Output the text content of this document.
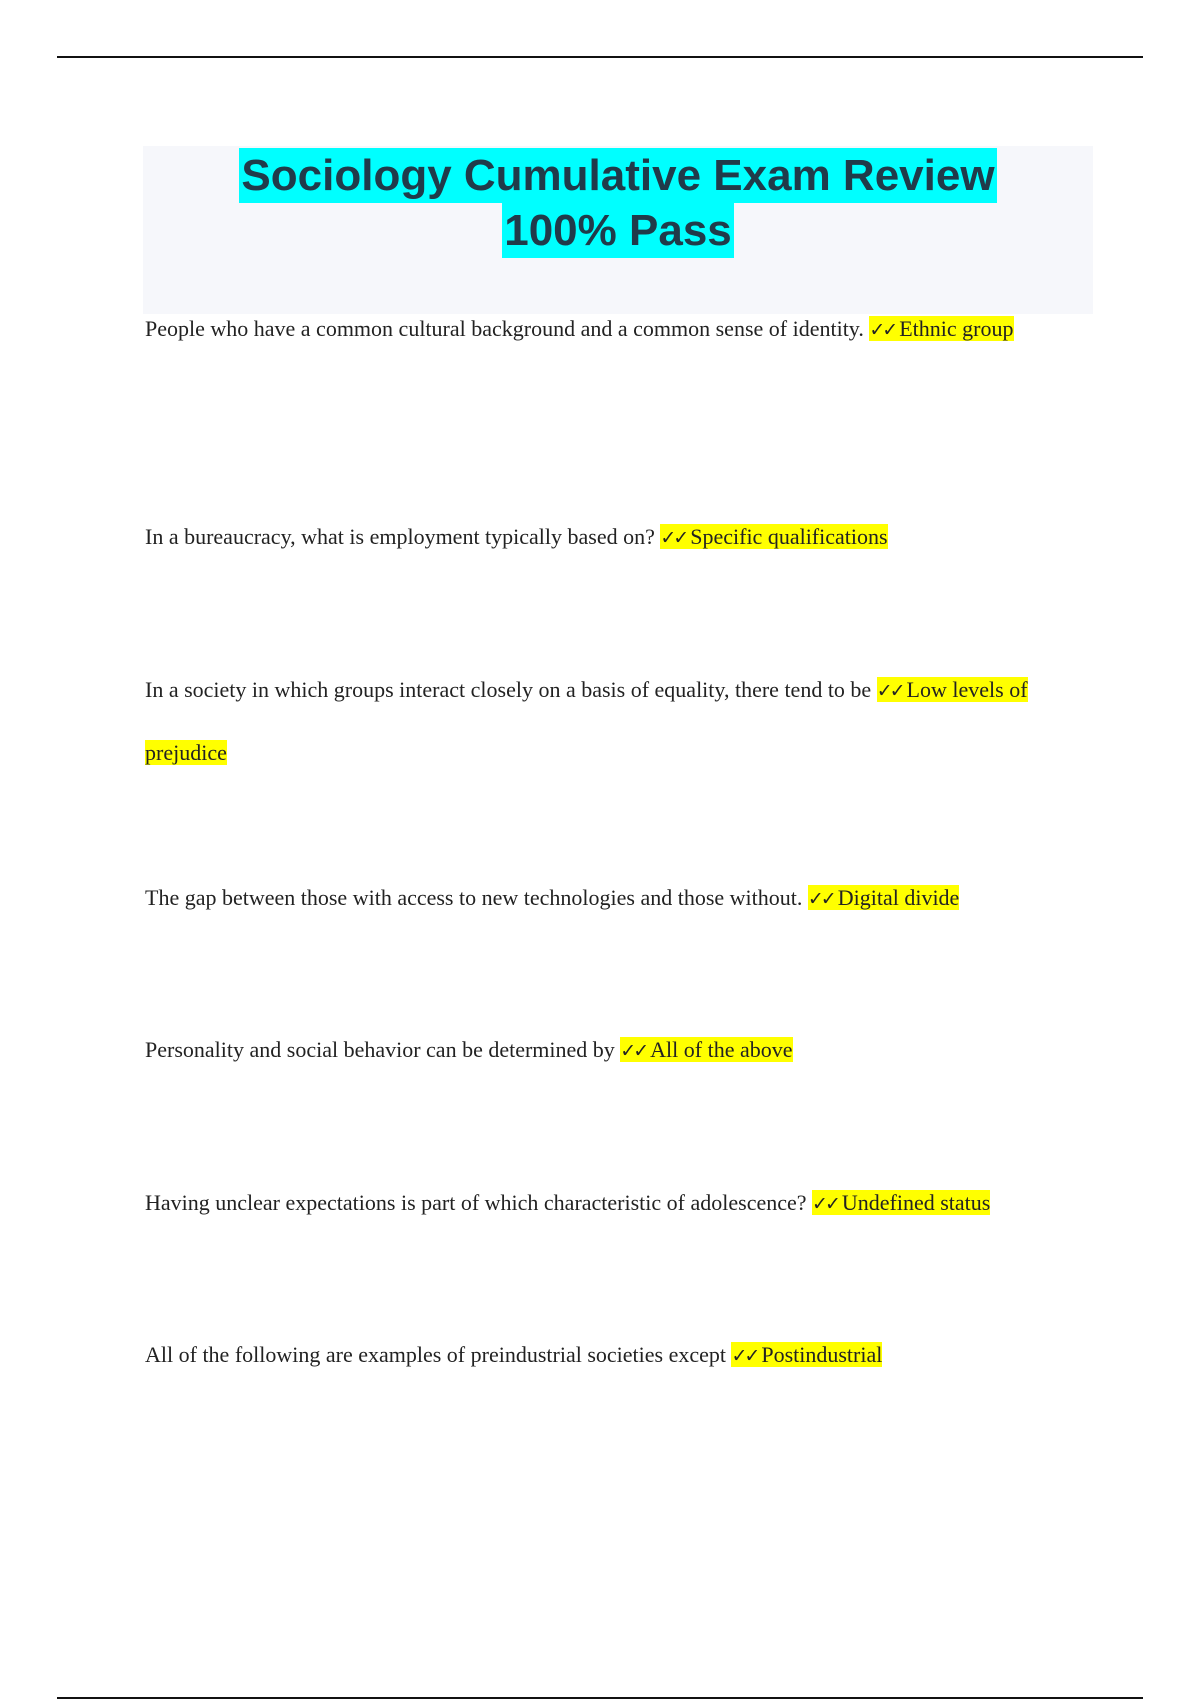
Sociology Cumulative Exam Review
100% Pass

People who have a common cultural background and a common sense of identity. ✓✓ Ethnic group

In a bureaucracy, what is employment typically based on? ✓✓ Specific qualifications

In a society in which groups interact closely on a basis of equality, there tend to be ✓✓ Low levels of prejudice

The gap between those with access to new technologies and those without. ✓✓ Digital divide

Personality and social behavior can be determined by ✓✓ All of the above

Having unclear expectations is part of which characteristic of adolescence? ✓✓ Undefined status

All of the following are examples of preindustrial societies except ✓✓ Postindustrial
